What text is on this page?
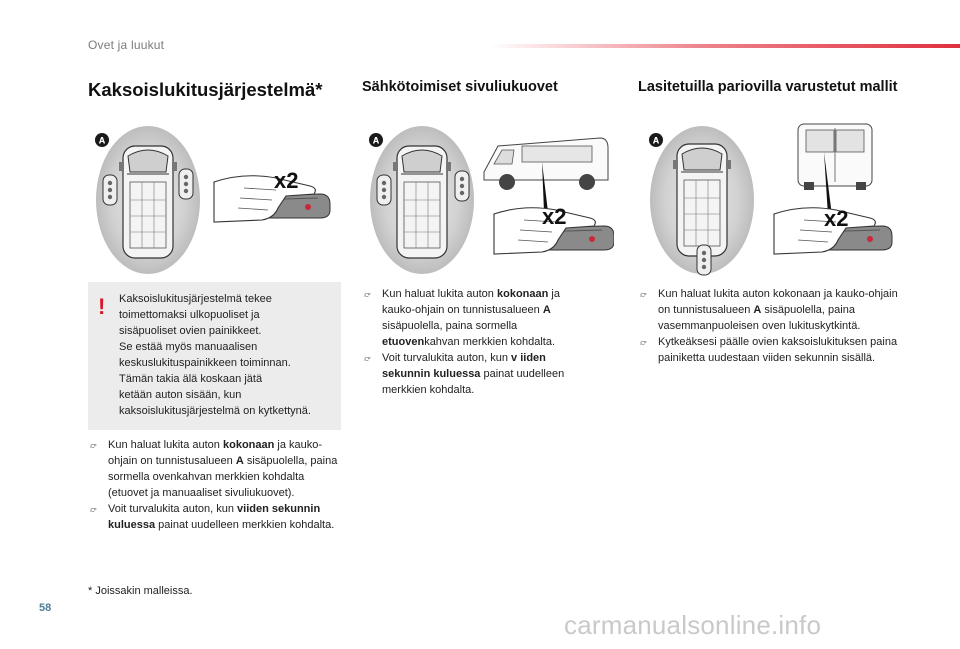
Ovet ja luukut
Kaksoislukitusjärjestelmä*	Sähkötoimiset sivuliukuovet	Lasitetuilla pariovilla varustetut mallit
A
x2
A
x2
A
x2
! Kaksoislukitusjärjestelmä tekee
toimettomaksi ulkopuoliset ja
sisäpuoliset ovien painikkeet.
Se estää myös manuaalisen
keskuslukituspainikkeen toiminnan.
Tämän takia älä koskaan jätä
ketään auton sisään, kun
kaksoislukitusjärjestelmä on kytkettynä.
👉︎ Kun haluat lukita auton kokonaan ja kauko-ohjain on tunnistusalueen A sisäpuolella, paina sormella ovenkahvan merkkien kohdalta (etuovet ja manuaaliset sivuliukuovet).
👉︎ Voit turvalukita auton, kun viiden sekunnin kuluessa painat uudelleen merkkien kohdalta.
👉︎ Kun haluat lukita auton kokonaan ja kauko-ohjain on tunnistusalueen A sisäpuolella, paina sormella etuovenkahvan merkkien kohdalta.
👉︎ Voit turvalukita auton, kun v iiden sekunnin kuluessa painat uudelleen merkkien kohdalta.
👉︎ Kun haluat lukita auton kokonaan ja kauko-ohjain on tunnistusalueen A sisäpuolella, paina vasemmanpuoleisen oven lukituskytkintä.
👉︎ Kytkeäksesi päälle ovien kaksoislukituksen paina painiketta uudestaan viiden sekunnin sisällä.
* Joissakin malleissa.
58
carmanualsonline.info
